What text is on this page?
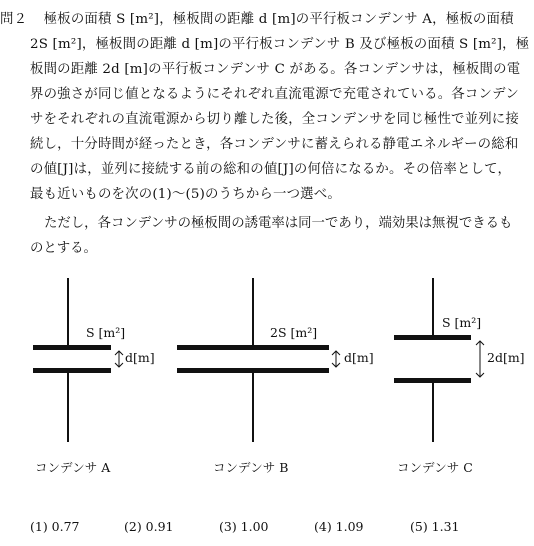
問２ 極板の面積 S [m²]，極板間の距離 d [m]の平行板コンデンサ A，極板の面積
2S [m²]，極板間の距離 d [m]の平行板コンデンサ B 及び極板の面積 S [m²]，極
板間の距離 2d [m]の平行板コンデンサ C がある。各コンデンサは，極板間の電
界の強さが同じ値となるようにそれぞれ直流電源で充電されている。各コンデン
サをそれぞれの直流電源から切り離した後，全コンデンサを同じ極性で並列に接
続し，十分時間が経ったとき，各コンデンサに蓄えられる静電エネルギーの総和
の値[J]は，並列に接続する前の総和の値[J]の何倍になるか。その倍率として，
最も近いものを次の(1)～(5)のうちから一つ選べ。
ただし，各コンデンサの極板間の誘電率は同一であり，端効果は無視できるも
のとする。
S [m²]
d[m]
コンデンサ A
2S [m²]
d[m]
コンデンサ B
S [m²]
2d[m]
コンデンサ C
(1) 0.77	(2) 0.91	(3) 1.00	(4) 1.09	(5) 1.31
